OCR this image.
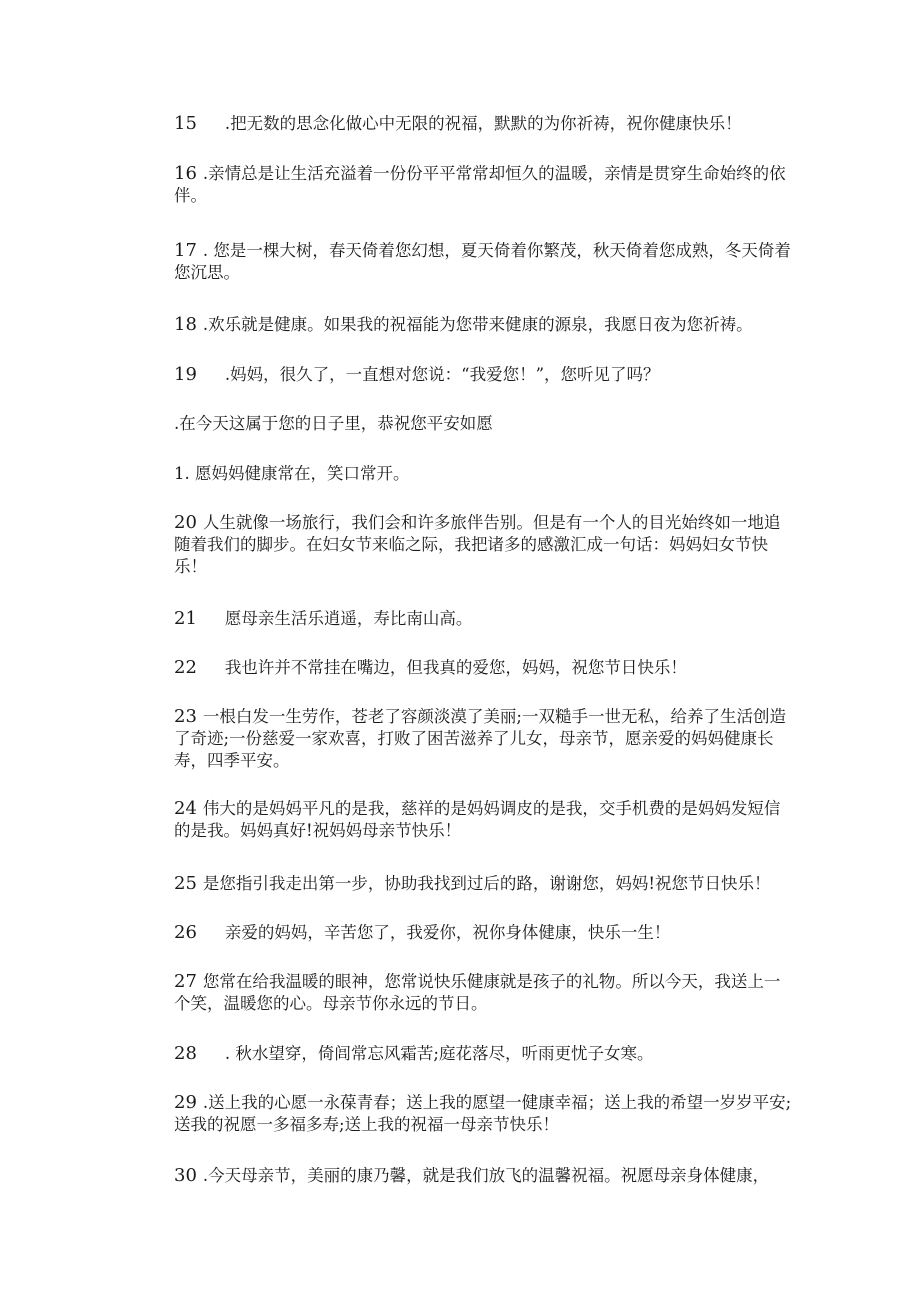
15 .把无数的思念化做心中无限的祝福，默默的为你祈祷，祝你健康快乐！

16 .亲情总是让生活充溢着一份份平平常常却恒久的温暖，亲情是贯穿生命始终的依伴。

17 . 您是一棵大树，春天倚着您幻想，夏天倚着你繁茂，秋天倚着您成熟，冬天倚着您沉思。

18 .欢乐就是健康。如果我的祝福能为您带来健康的源泉，我愿日夜为您祈祷。

19 .妈妈，很久了，一直想对您说：“我爱您！”，您听见了吗？

.在今天这属于您的日子里，恭祝您平安如愿

1. 愿妈妈健康常在，笑口常开。

20 人生就像一场旅行，我们会和许多旅伴告别。但是有一个人的目光始终如一地追随着我们的脚步。在妇女节来临之际，我把诸多的感激汇成一句话：妈妈妇女节快乐！

21 愿母亲生活乐逍遥，寿比南山高。

22 我也许并不常挂在嘴边，但我真的爱您，妈妈，祝您节日快乐！

23 一根白发一生劳作，苍老了容颜淡漠了美丽;一双糙手一世无私，给养了生活创造了奇迹;一份慈爱一家欢喜，打败了困苦滋养了儿女，母亲节，愿亲爱的妈妈健康长寿，四季平安。

24 伟大的是妈妈平凡的是我，慈祥的是妈妈调皮的是我，交手机费的是妈妈发短信的是我。妈妈真好!祝妈妈母亲节快乐！

25 是您指引我走出第一步，协助我找到过后的路，谢谢您，妈妈!祝您节日快乐！

26 亲爱的妈妈，辛苦您了，我爱你，祝你身体健康，快乐一生！

27 您常在给我温暖的眼神，您常说快乐健康就是孩子的礼物。所以今天，我送上一个笑，温暖您的心。母亲节你永远的节日。

28 . 秋水望穿，倚闾常忘风霜苦;庭花落尽，听雨更忧子女寒。

29 .送上我的心愿一永葆青春；送上我的愿望一健康幸福；送上我的希望一岁岁平安;送我的祝愿一多福多寿;送上我的祝福一母亲节快乐！

30 .今天母亲节，美丽的康乃馨，就是我们放飞的温馨祝福。祝愿母亲身体健康，
